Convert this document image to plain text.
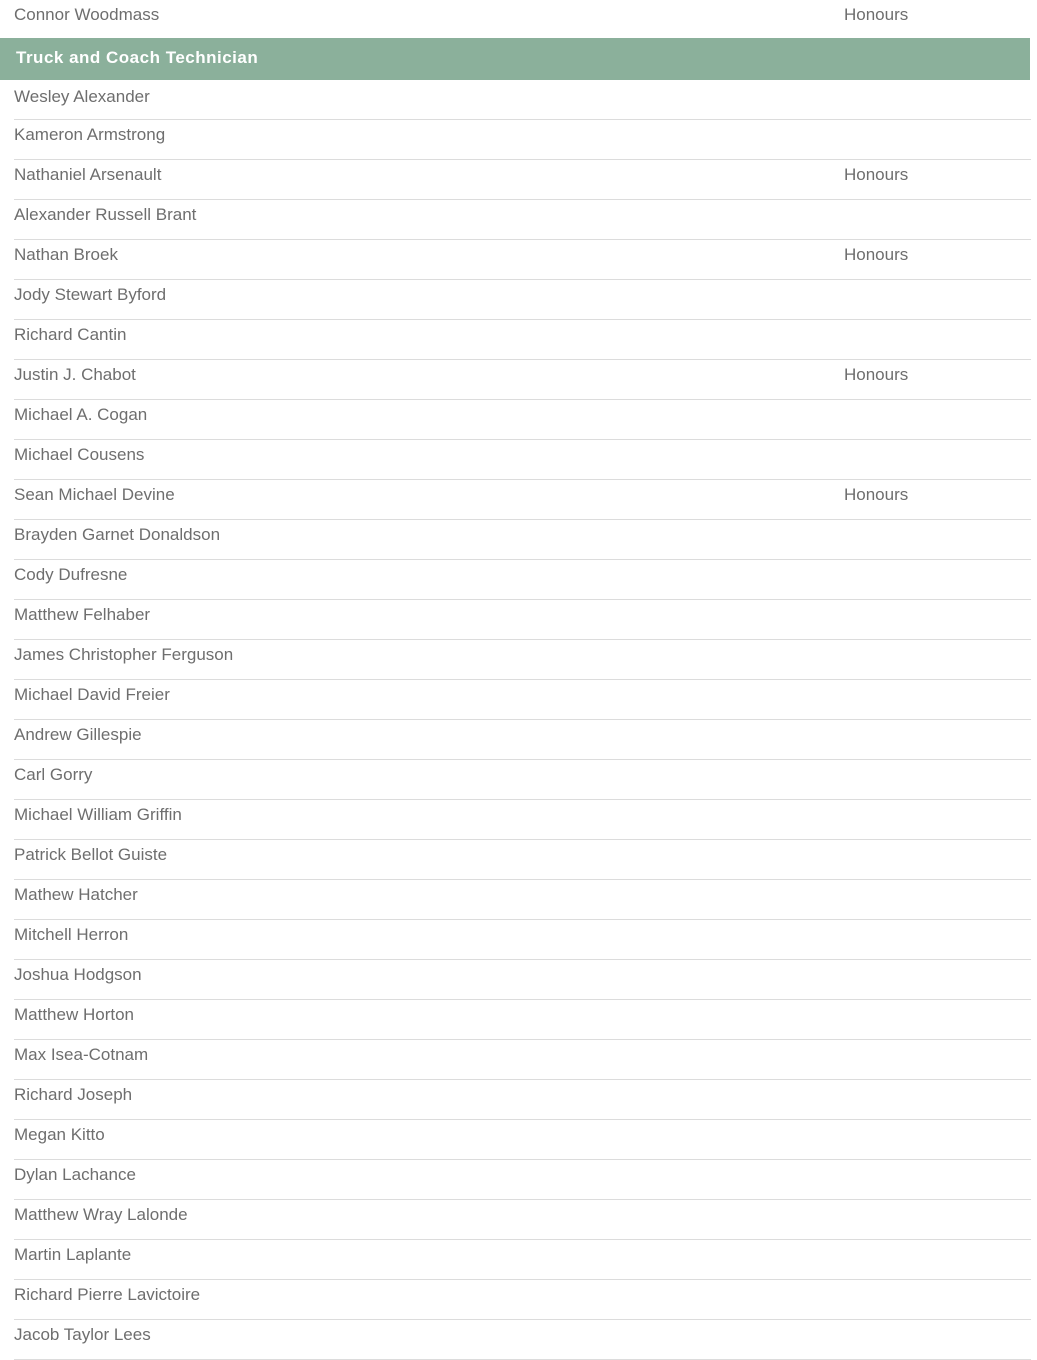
Connor Woodmass	Honours
Truck and Coach Technician
Wesley Alexander
Kameron Armstrong
Nathaniel Arsenault	Honours
Alexander Russell Brant
Nathan Broek	Honours
Jody Stewart Byford
Richard Cantin
Justin J. Chabot	Honours
Michael A. Cogan
Michael Cousens
Sean Michael Devine	Honours
Brayden Garnet Donaldson
Cody Dufresne
Matthew Felhaber
James Christopher Ferguson
Michael David Freier
Andrew Gillespie
Carl Gorry
Michael William Griffin
Patrick Bellot Guiste
Mathew Hatcher
Mitchell Herron
Joshua Hodgson
Matthew Horton
Max Isea-Cotnam
Richard Joseph
Megan Kitto
Dylan Lachance
Matthew Wray Lalonde
Martin Laplante
Richard Pierre Lavictoire
Jacob Taylor Lees
